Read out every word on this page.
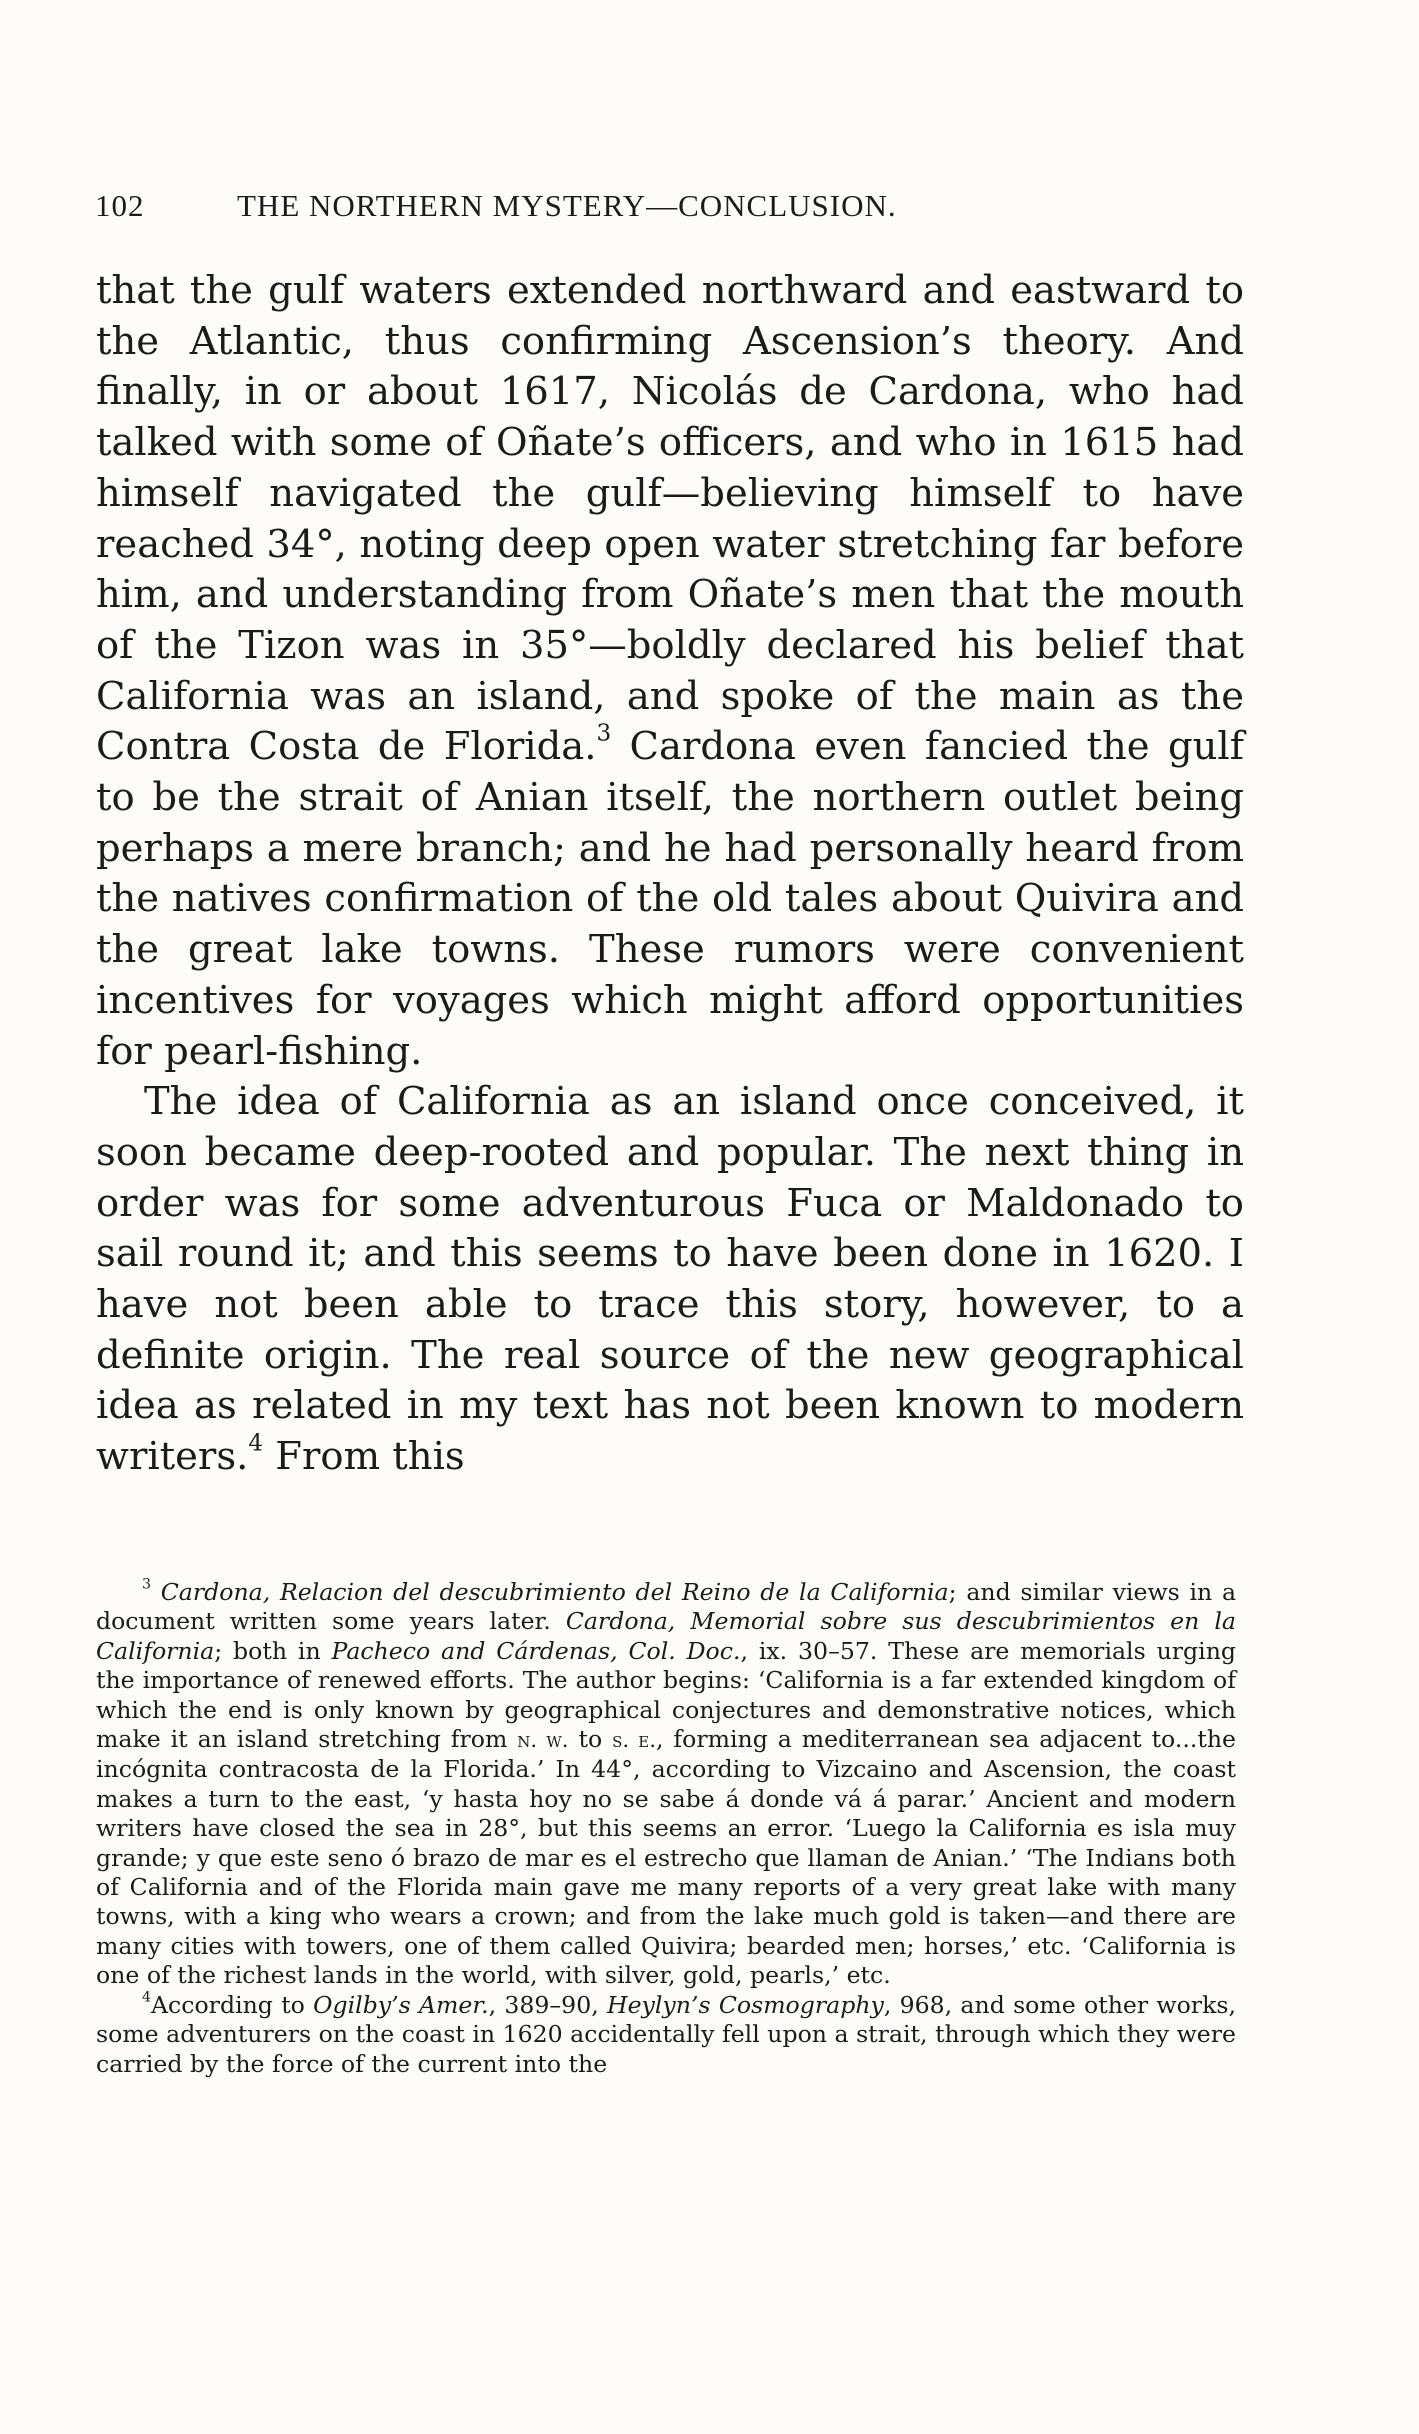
102	THE NORTHERN MYSTERY—CONCLUSION.

that the gulf waters extended northward and eastward to the Atlantic, thus confirming Ascension’s theory. And finally, in or about 1617, Nicolás de Cardona, who had talked with some of Oñate’s officers, and who in 1615 had himself navigated the gulf—believing himself to have reached 34°, noting deep open water stretching far before him, and understanding from Oñate’s men that the mouth of the Tizon was in 35°—boldly declared his belief that California was an island, and spoke of the main as the Contra Costa de Florida.$^3$ Cardona even fancied the gulf to be the strait of Anian itself, the northern outlet being perhaps a mere branch; and he had personally heard from the natives confirmation of the old tales about Quivira and the great lake towns. These rumors were convenient incentives for voyages which might afford opportunities for pearl-fishing.

The idea of California as an island once conceived, it soon became deep-rooted and popular. The next thing in order was for some adventurous Fuca or Maldonado to sail round it; and this seems to have been done in 1620. I have not been able to trace this story, however, to a definite origin. The real source of the new geographical idea as related in my text has not been known to modern writers.$^4$ From this

$^3$ Cardona, Relacion del descubrimiento del Reino de la California; and similar views in a document written some years later. Cardona, Memorial sobre sus descubrimientos en la California; both in Pacheco and Cárdenas, Col. Doc., ix. 30–57. These are memorials urging the importance of renewed efforts. The author begins: ‘California is a far extended kingdom of which the end is only known by geographical conjectures and demonstrative notices, which make it an island stretching from n. w. to s. e., forming a mediterranean sea adjacent to...the incógnita contracosta de la Florida.’ In 44°, according to Vizcaino and Ascension, the coast makes a turn to the east, ‘y hasta hoy no se sabe á donde vá á parar.’ Ancient and modern writers have closed the sea in 28°, but this seems an error. ‘Luego la California es isla muy grande; y que este seno ó brazo de mar es el estrecho que llaman de Anian.’ ‘The Indians both of California and of the Florida main gave me many reports of a very great lake with many towns, with a king who wears a crown; and from the lake much gold is taken—and there are many cities with towers, one of them called Quivira; bearded men; horses,’ etc. ‘California is one of the richest lands in the world, with silver, gold, pearls,’ etc.

$^4$According to Ogilby’s Amer., 389–90, Heylyn’s Cosmography, 968, and some other works, some adventurers on the coast in 1620 accidentally fell upon a strait, through which they were carried by the force of the current into the
